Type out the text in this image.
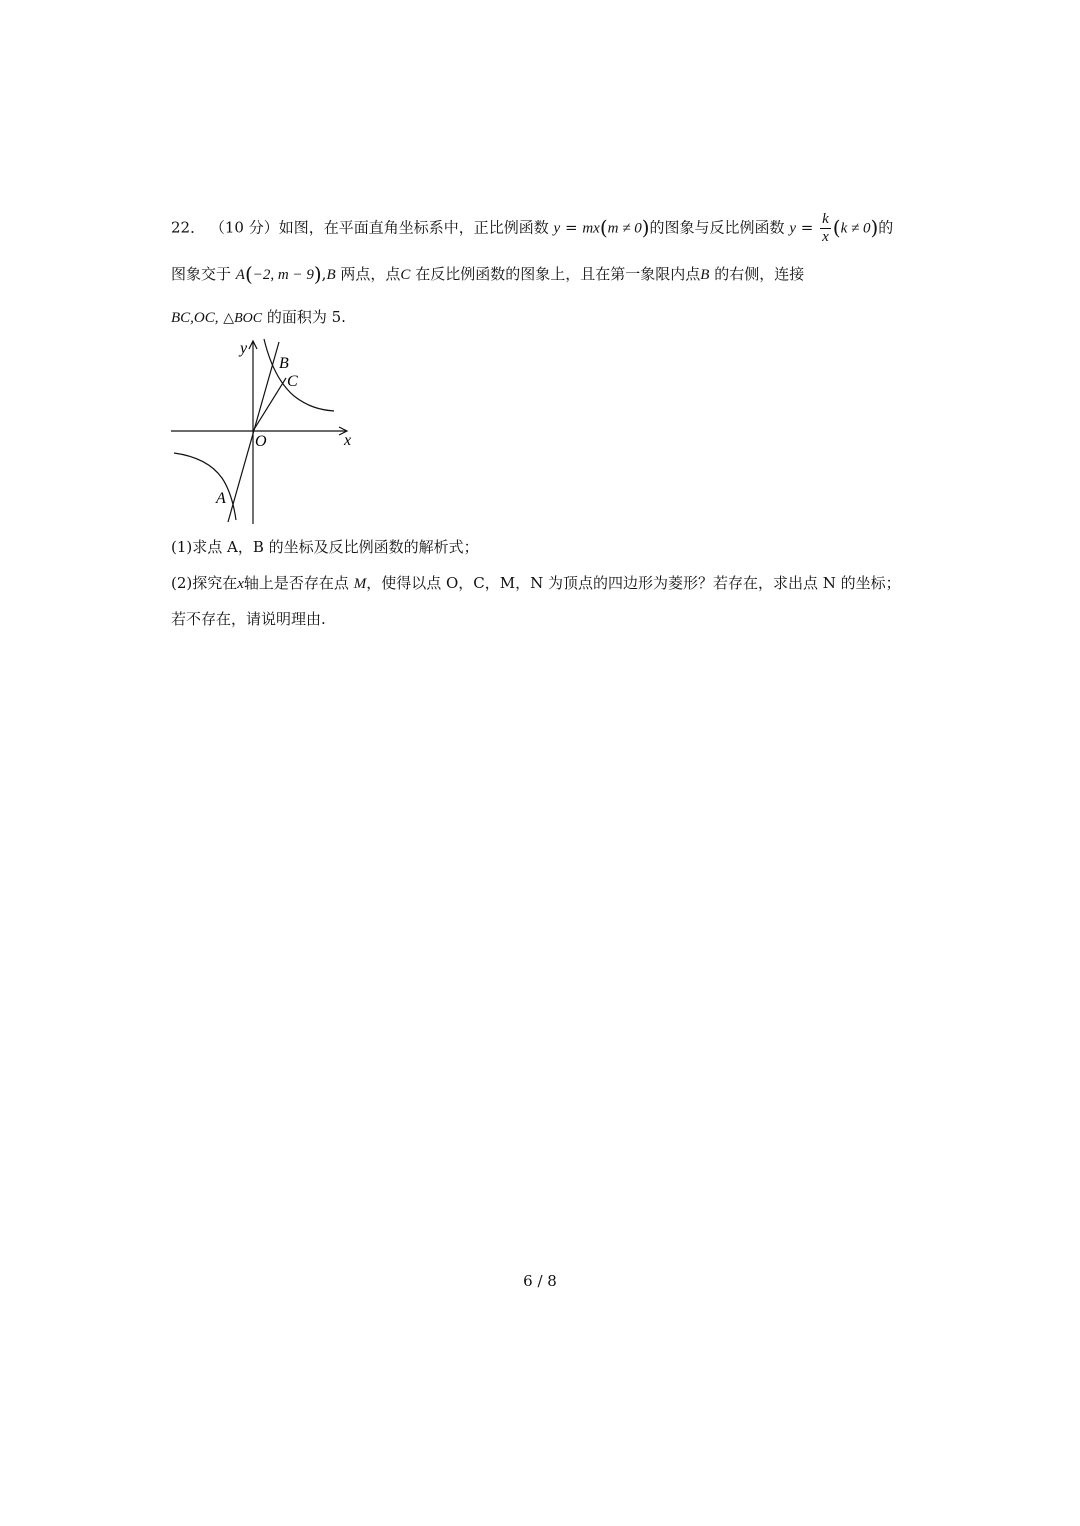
22． （10 分）如图，在平面直角坐标系中，正比例函数 y = mx(m ≠ 0)的图象与反比例函数 $y = \frac{k}{x} (k \ne 0)$的
图象交于 A(−2, m − 9),B 两点，点C 在反比例函数的图象上，且在第一象限内点B 的右侧，连接
BC,OC, △BOC 的面积为 5.
y
x
O
A
B
C
(1)求点 A，B 的坐标及反比例函数的解析式；
(2)探究在x轴上是否存在点 M，使得以点 O，C，M，N 为顶点的四边形为菱形？若存在，求出点 N 的坐标；
若不存在，请说明理由.
6 / 8
